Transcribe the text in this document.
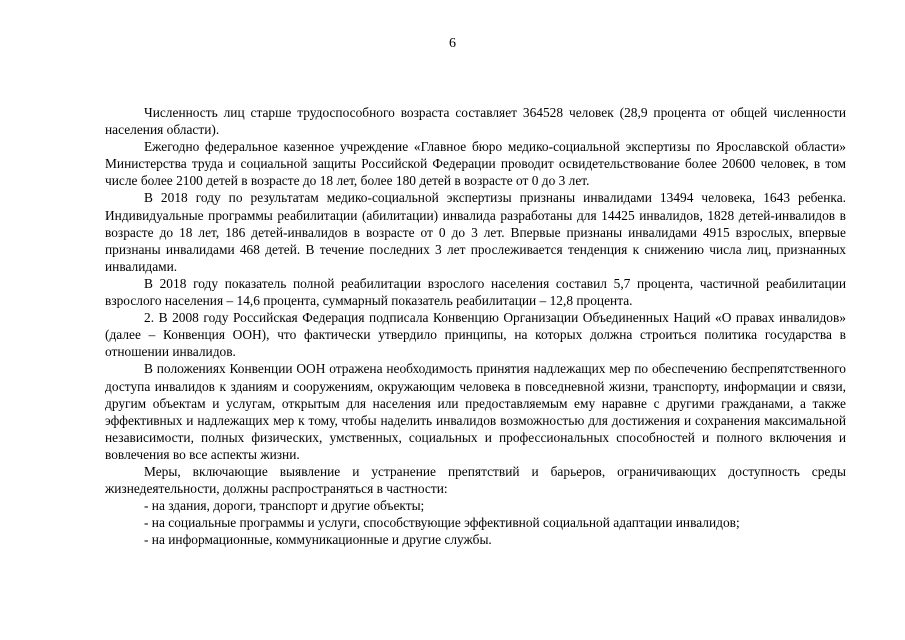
6

Численность лиц старше трудоспособного возраста составляет 364528 человек (28,9 процента от общей численности населения области).

Ежегодно федеральное казенное учреждение «Главное бюро медико-социальной экспертизы по Ярославской области» Министерства труда и социальной защиты Российской Федерации проводит освидетельствование более 20600 человек, в том числе более 2100 детей в возрасте до 18 лет, более 180 детей в возрасте от 0 до 3 лет.

В 2018 году по результатам медико-социальной экспертизы признаны инвалидами 13494 человека, 1643 ребенка. Индивидуальные программы реабилитации (абилитации) инвалида разработаны для 14425 инвалидов, 1828 детей-инвалидов в возрасте до 18 лет, 186 детей-инвалидов в возрасте от 0 до 3 лет. Впервые признаны инвалидами 4915 взрослых, впервые признаны инвалидами 468 детей. В течение последних 3 лет прослеживается тенденция к снижению числа лиц, признанных инвалидами.

В 2018 году показатель полной реабилитации взрослого населения составил 5,7 процента, частичной реабилитации взрослого населения – 14,6 процента, суммарный показатель реабилитации – 12,8 процента.

2. В 2008 году Российская Федерация подписала Конвенцию Организации Объединенных Наций «О правах инвалидов» (далее – Конвенция ООН), что фактически утвердило принципы, на которых должна строиться политика государства в отношении инвалидов.

В положениях Конвенции ООН отражена необходимость принятия надлежащих мер по обеспечению беспрепятственного доступа инвалидов к зданиям и сооружениям, окружающим человека в повседневной жизни, транспорту, информации и связи, другим объектам и услугам, открытым для населения или предоставляемым ему наравне с другими гражданами, а также эффективных и надлежащих мер к тому, чтобы наделить инвалидов возможностью для достижения и сохранения максимальной независимости, полных физических, умственных, социальных и профессиональных способностей и полного включения и вовлечения во все аспекты жизни.

Меры, включающие выявление и устранение препятствий и барьеров, ограничивающих доступность среды жизнедеятельности, должны распространяться в частности:

- на здания, дороги, транспорт и другие объекты;

- на социальные программы и услуги, способствующие эффективной социальной адаптации инвалидов;

- на информационные, коммуникационные и другие службы.
